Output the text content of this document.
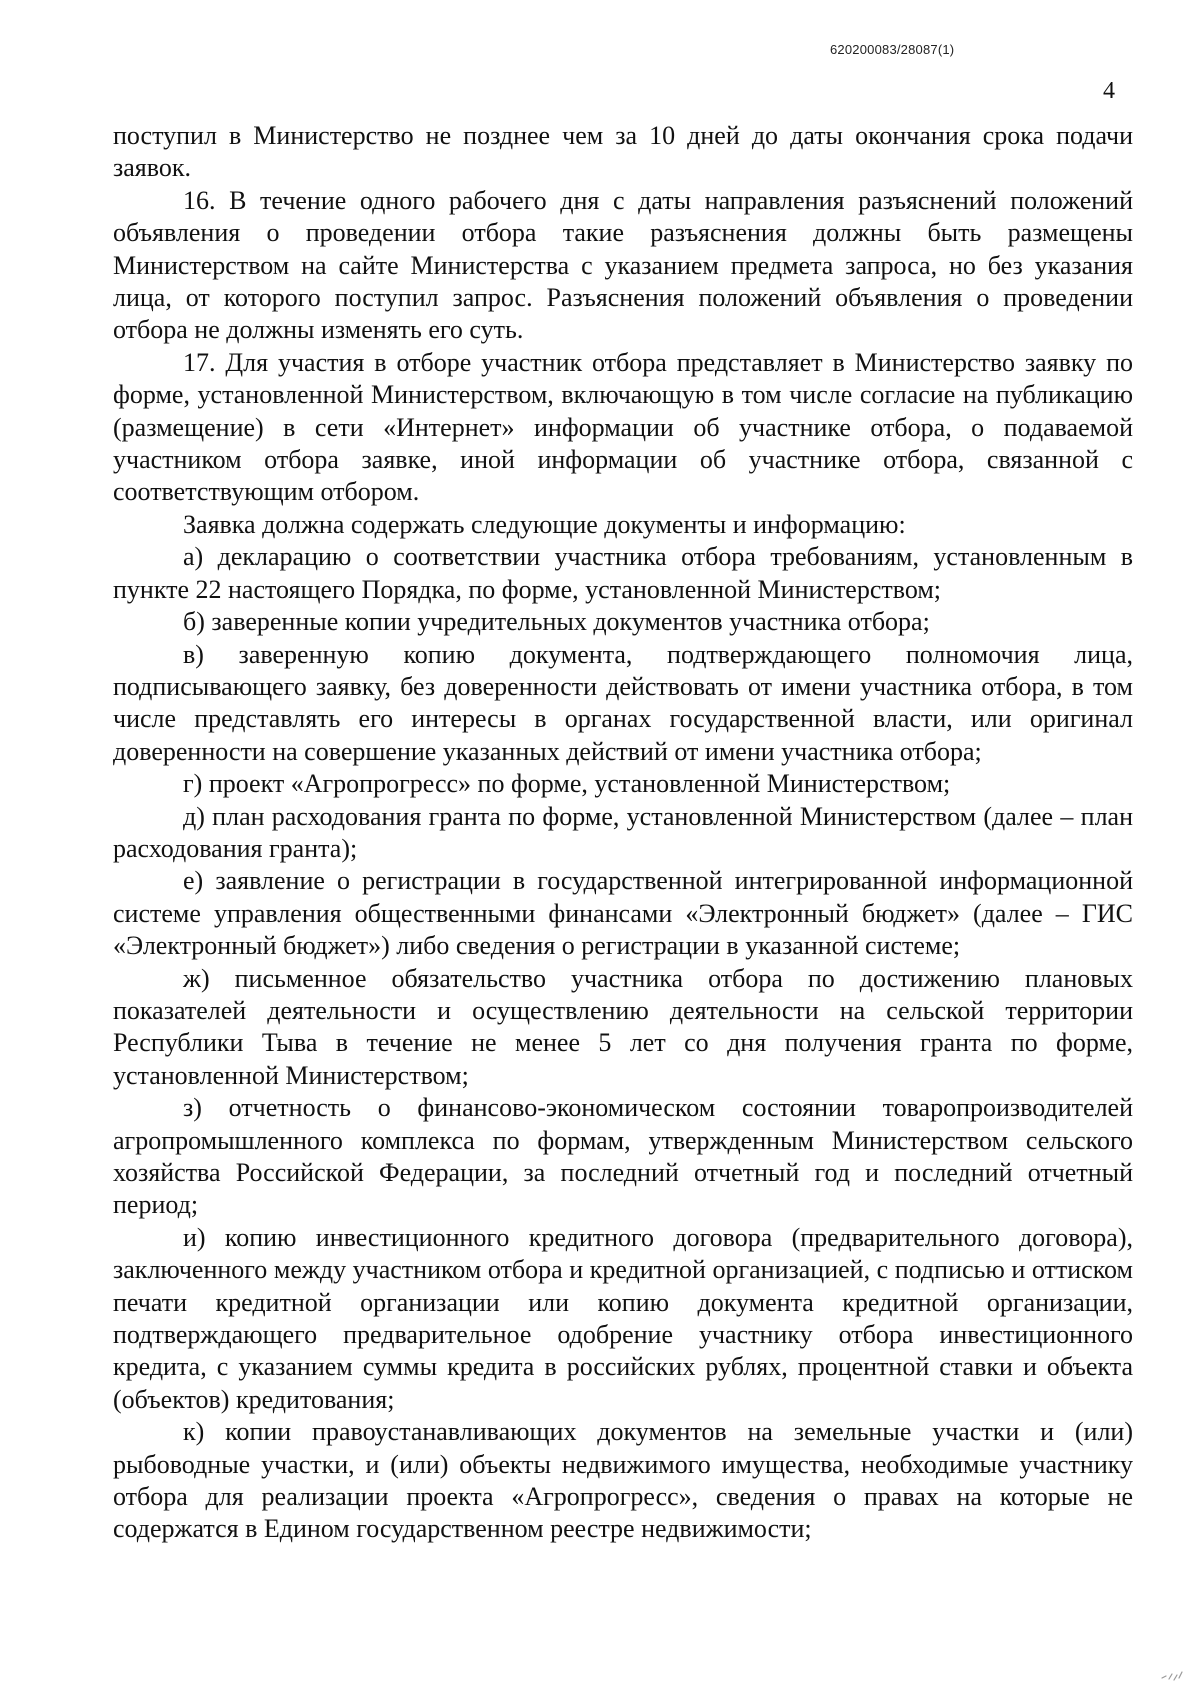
620200083/28087(1)
4

поступил в Министерство не позднее чем за 10 дней до даты окончания срока подачи заявок.

16. В течение одного рабочего дня с даты направления разъяснений положений объявления о проведении отбора такие разъяснения должны быть размещены Министерством на сайте Министерства с указанием предмета запроса, но без указания лица, от которого поступил запрос. Разъяснения положений объявления о проведении отбора не должны изменять его суть.

17. Для участия в отборе участник отбора представляет в Министерство заявку по форме, установленной Министерством, включающую в том числе согласие на публикацию (размещение) в сети «Интернет» информации об участнике отбора, о подаваемой участником отбора заявке, иной информации об участнике отбора, связанной с соответствующим отбором.

Заявка должна содержать следующие документы и информацию:

а) декларацию о соответствии участника отбора требованиям, установленным в пункте 22 настоящего Порядка, по форме, установленной Министерством;

б) заверенные копии учредительных документов участника отбора;

в) заверенную копию документа, подтверждающего полномочия лица, подписывающего заявку, без доверенности действовать от имени участника отбора, в том числе представлять его интересы в органах государственной власти, или оригинал доверенности на совершение указанных действий от имени участника отбора;

г) проект «Агропрогресс» по форме, установленной Министерством;

д) план расходования гранта по форме, установленной Министерством (далее – план расходования гранта);

е) заявление о регистрации в государственной интегрированной информационной системе управления общественными финансами «Электронный бюджет» (далее – ГИС «Электронный бюджет») либо сведения о регистрации в указанной системе;

ж) письменное обязательство участника отбора по достижению плановых показателей деятельности и осуществлению деятельности на сельской территории Республики Тыва в течение не менее 5 лет со дня получения гранта по форме, установленной Министерством;

з) отчетность о финансово-экономическом состоянии товаропроизводителей агропромышленного комплекса по формам, утвержденным Министерством сельского хозяйства Российской Федерации, за последний отчетный год и последний отчетный период;

и) копию инвестиционного кредитного договора (предварительного договора), заключенного между участником отбора и кредитной организацией, с подписью и оттиском печати кредитной организации или копию документа кредитной организации, подтверждающего предварительное одобрение участнику отбора инвестиционного кредита, с указанием суммы кредита в российских рублях, процентной ставки и объекта (объектов) кредитования;

к) копии правоустанавливающих документов на земельные участки и (или) рыбоводные участки, и (или) объекты недвижимого имущества, необходимые участнику отбора для реализации проекта «Агропрогресс», сведения о правах на которые не содержатся в Едином государственном реестре недвижимости;
